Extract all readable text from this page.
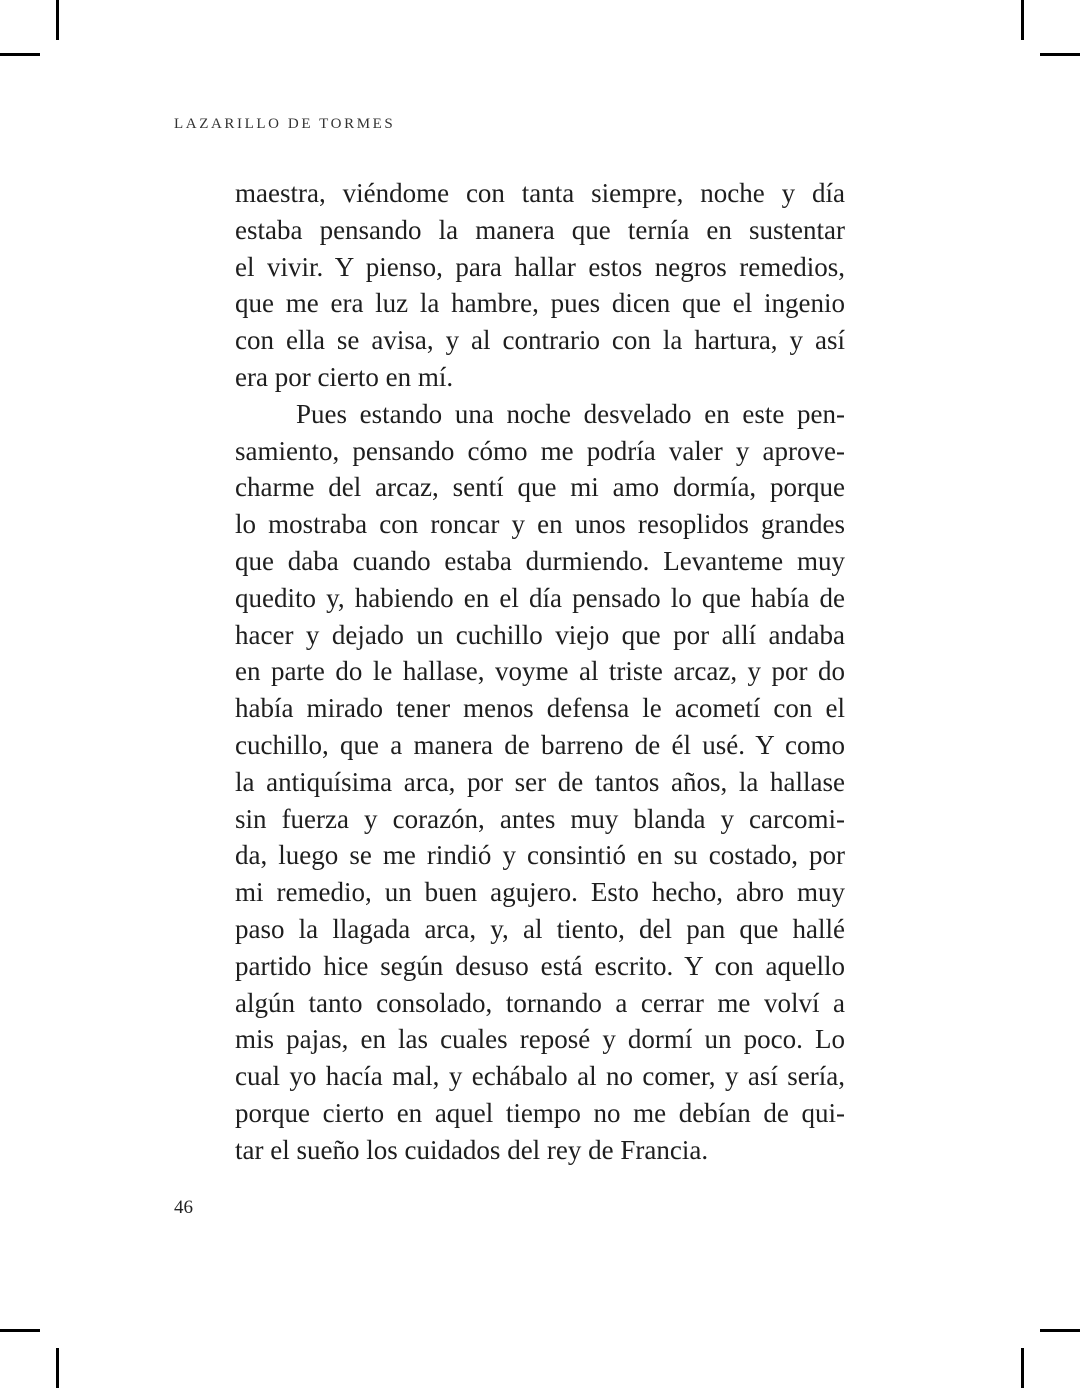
LAZARILLO DE TORMES
maestra, viéndome con tanta siempre, noche y día
estaba pensando la manera que ternía en sustentar
el vivir. Y pienso, para hallar estos negros remedios,
que me era luz la hambre, pues dicen que el ingenio
con ella se avisa, y al contrario con la hartura, y así
era por cierto en mí.
Pues estando una noche desvelado en este pen-
samiento, pensando cómo me podría valer y aprove-
charme del arcaz, sentí que mi amo dormía, porque
lo mostraba con roncar y en unos resoplidos grandes
que daba cuando estaba durmiendo. Levanteme muy
quedito y, habiendo en el día pensado lo que había de
hacer y dejado un cuchillo viejo que por allí andaba
en parte do le hallase, voyme al triste arcaz, y por do
había mirado tener menos defensa le acometí con el
cuchillo, que a manera de barreno de él usé. Y como
la antiquísima arca, por ser de tantos años, la hallase
sin fuerza y corazón, antes muy blanda y carcomi-
da, luego se me rindió y consintió en su costado, por
mi remedio, un buen agujero. Esto hecho, abro muy
paso la llagada arca, y, al tiento, del pan que hallé
partido hice según desuso está escrito. Y con aquello
algún tanto consolado, tornando a cerrar me volví a
mis pajas, en las cuales reposé y dormí un poco. Lo
cual yo hacía mal, y echábalo al no comer, y así sería,
porque cierto en aquel tiempo no me debían de qui-
tar el sueño los cuidados del rey de Francia.
46
